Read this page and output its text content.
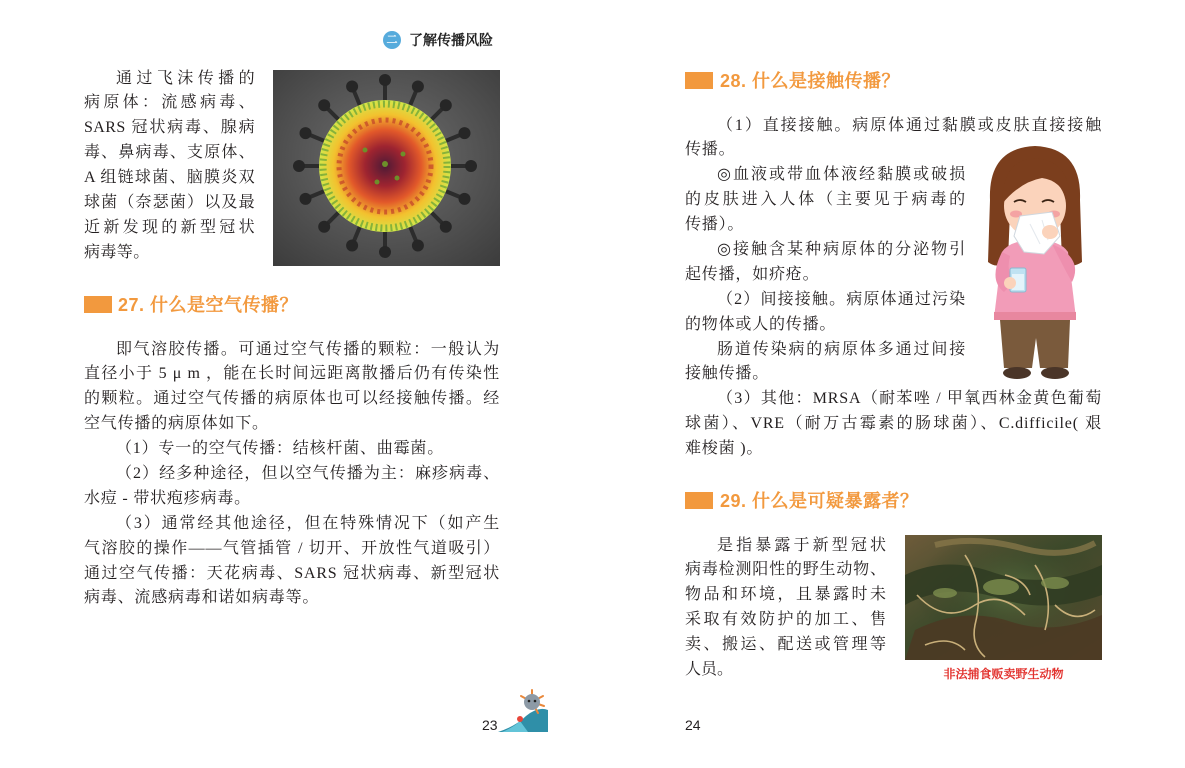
二 了解传播风险
通过飞沫传播的
病原体：流感病毒、
SARS 冠状病毒、腺病
毒、鼻病毒、支原体、
A 组链球菌、脑膜炎双
球菌（奈瑟菌）以及最
近新发现的新型冠状
病毒等。
27. 什么是空气传播？
即气溶胶传播。可通过空气传播的颗粒：一般认为
直径小于 5 μ m ，能在长时间远距离散播后仍有传染性
的颗粒。通过空气传播的病原体也可以经接触传播。经
空气传播的病原体如下。
（1）专一的空气传播：结核杆菌、曲霉菌。
（2）经多种途径，但以空气传播为主：麻疹病毒、
水痘 - 带状疱疹病毒。
（3）通常经其他途径，但在特殊情况下（如产生
气溶胶的操作——气管插管 / 切开、开放性气道吸引）
通过空气传播：天花病毒、SARS 冠状病毒、新型冠状
病毒、流感病毒和诺如病毒等。
23
28. 什么是接触传播？
（1）直接接触。病原体通过黏膜或皮肤直接接触
传播。
◎血液或带血体液经黏膜或破损
的皮肤进入人体（主要见于病毒的
传播）。
◎接触含某种病原体的分泌物引
起传播，如疥疮。
（2）间接接触。病原体通过污染
的物体或人的传播。
肠道传染病的病原体多通过间接
接触传播。
（3）其他：MRSA（耐苯唑 / 甲氧西林金黄色葡萄
球菌）、VRE（耐万古霉素的肠球菌）、C.difficile( 艰
难梭菌 )。
29. 什么是可疑暴露者？
是指暴露于新型冠状
病毒检测阳性的野生动物、
物品和环境，且暴露时未
采取有效防护的加工、售
卖、搬运、配送或管理等
人员。	非法捕食贩卖野生动物
24
